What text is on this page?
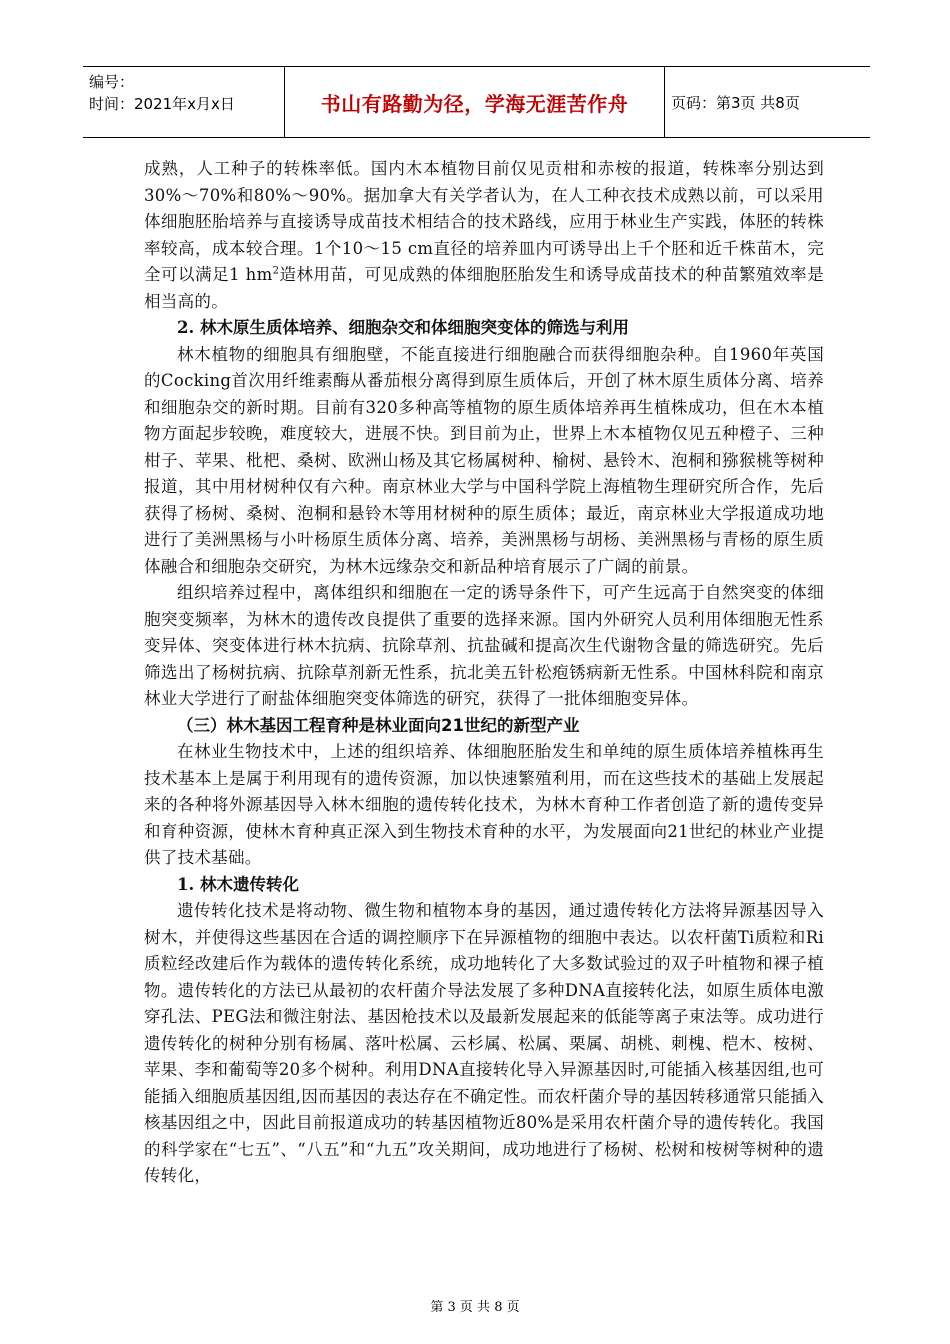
编号：
时间：2021年x月x日	书山有路勤为径，学海无涯苦作舟	页码：第3页 共8页

成熟，人工种子的转株率低。国内木本植物目前仅见贡柑和赤桉的报道，转株率分别达到30%～70%和80%～90%。据加拿大有关学者认为，在人工种衣技术成熟以前，可以采用体细胞胚胎培养与直接诱导成苗技术相结合的技术路线，应用于林业生产实践，体胚的转株率较高，成本较合理。1个10～15 cm直径的培养皿内可诱导出上千个胚和近千株苗木，完全可以满足1 $hm^2$造林用苗，可见成熟的体细胞胚胎发生和诱导成苗技术的种苗繁殖效率是相当高的。

2. 林木原生质体培养、细胞杂交和体细胞突变体的筛选与利用

林木植物的细胞具有细胞壁，不能直接进行细胞融合而获得细胞杂种。自1960年英国的Cocking首次用纤维素酶从番茄根分离得到原生质体后，开创了林木原生质体分离、培养和细胞杂交的新时期。目前有320多种高等植物的原生质体培养再生植株成功，但在木本植物方面起步较晚，难度较大，进展不快。到目前为止，世界上木本植物仅见五种橙子、三种柑子、苹果、枇杷、桑树、欧洲山杨及其它杨属树种、榆树、悬铃木、泡桐和猕猴桃等树种报道，其中用材树种仅有六种。南京林业大学与中国科学院上海植物生理研究所合作，先后获得了杨树、桑树、泡桐和悬铃木等用材树种的原生质体；最近，南京林业大学报道成功地进行了美洲黑杨与小叶杨原生质体分离、培养，美洲黑杨与胡杨、美洲黑杨与青杨的原生质体融合和细胞杂交研究，为林木远缘杂交和新品种培育展示了广阔的前景。

组织培养过程中，离体组织和细胞在一定的诱导条件下，可产生远高于自然突变的体细胞突变频率，为林木的遗传改良提供了重要的选择来源。国内外研究人员利用体细胞无性系变异体、突变体进行林木抗病、抗除草剂、抗盐碱和提高次生代谢物含量的筛选研究。先后筛选出了杨树抗病、抗除草剂新无性系，抗北美五针松疱锈病新无性系。中国林科院和南京林业大学进行了耐盐体细胞突变体筛选的研究，获得了一批体细胞变异体。

（三）林木基因工程育种是林业面向21世纪的新型产业

在林业生物技术中，上述的组织培养、体细胞胚胎发生和单纯的原生质体培养植株再生技术基本上是属于利用现有的遗传资源，加以快速繁殖利用，而在这些技术的基础上发展起来的各种将外源基因导入林木细胞的遗传转化技术，为林木育种工作者创造了新的遗传变异和育种资源，使林木育种真正深入到生物技术育种的水平，为发展面向21世纪的林业产业提供了技术基础。

1. 林木遗传转化

遗传转化技术是将动物、微生物和植物本身的基因，通过遗传转化方法将异源基因导入树木，并使得这些基因在合适的调控顺序下在异源植物的细胞中表达。以农杆菌Ti质粒和Ri质粒经改建后作为载体的遗传转化系统，成功地转化了大多数试验过的双子叶植物和裸子植物。遗传转化的方法已从最初的农杆菌介导法发展了多种DNA直接转化法，如原生质体电激穿孔法、PEG法和微注射法、基因枪技术以及最新发展起来的低能等离子束法等。成功进行遗传转化的树种分别有杨属、落叶松属、云杉属、松属、栗属、胡桃、刺槐、桤木、桉树、苹果、李和葡萄等20多个树种。利用DNA直接转化导入异源基因时,可能插入核基因组,也可能插入细胞质基因组,因而基因的表达存在不确定性。而农杆菌介导的基因转移通常只能插入核基因组之中，因此目前报道成功的转基因植物近80%是采用农杆菌介导的遗传转化。我国的科学家在“七五”、“八五”和“九五”攻关期间，成功地进行了杨树、松树和桉树等树种的遗传转化，

第 3 页 共 8 页
